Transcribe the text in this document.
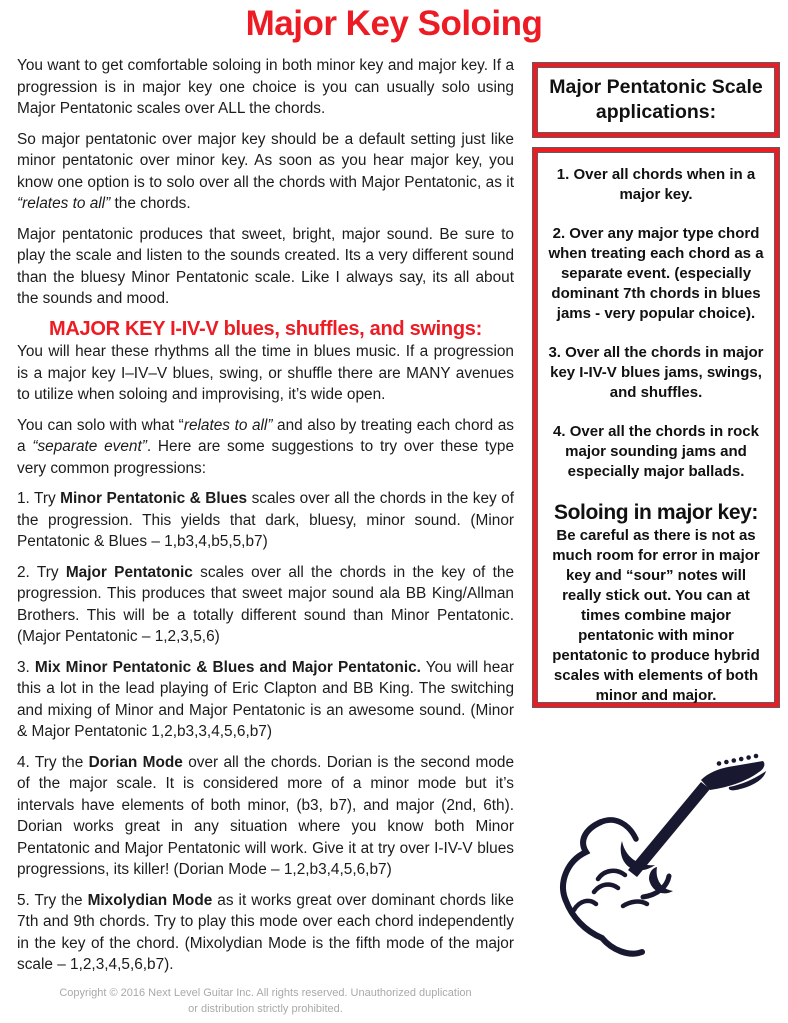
Major Key Soloing

You want to get comfortable soloing in both minor key and major key. If a progression is in major key one choice is you can usually solo using Major Pentatonic scales over ALL the chords.

So major pentatonic over major key should be a default setting just like minor pentatonic over minor key. As soon as you hear major key, you know one option is to solo over all the chords with Major Pentatonic, as it “relates to all” the chords.

Major pentatonic produces that sweet, bright, major sound. Be sure to play the scale and listen to the sounds created. Its a very different sound than the bluesy Minor Pentatonic scale. Like I always say, its all about the sounds and mood.

MAJOR KEY I-IV-V blues, shuffles, and swings:

You will hear these rhythms all the time in blues music. If a progression is a major key I–IV–V blues, swing, or shuffle there are MANY avenues to utilize when soloing and improvising, it’s wide open.

You can solo with what “relates to all” and also by treating each chord as a “separate event”. Here are some suggestions to try over these type very common progressions:

1. Try Minor Pentatonic & Blues scales over all the chords in the key of the progression. This yields that dark, bluesy, minor sound. (Minor Pentatonic & Blues – 1,b3,4,b5,5,b7)

2. Try Major Pentatonic scales over all the chords in the key of the progression. This produces that sweet major sound ala BB King/Allman Brothers. This will be a totally different sound than Minor Pentatonic. (Major Pentatonic – 1,2,3,5,6)

3. Mix Minor Pentatonic & Blues and Major Pentatonic. You will hear this a lot in the lead playing of Eric Clapton and BB King. The switching and mixing of Minor and Major Pentatonic is an awesome sound. (Minor & Major Pentatonic 1,2,b3,3,4,5,6,b7)

4. Try the Dorian Mode over all the chords. Dorian is the second mode of the major scale. It is considered more of a minor mode but it’s intervals have elements of both minor, (b3, b7), and major (2nd, 6th). Dorian works great in any situation where you know both Minor Pentatonic and Major Pentatonic will work. Give it at try over I-IV-V blues progressions, its killer! (Dorian Mode – 1,2,b3,4,5,6,b7)

5. Try the Mixolydian Mode as it works great over dominant chords like 7th and 9th chords. Try to play this mode over each chord independently in the key of the chord. (Mixolydian Mode is the fifth mode of the major scale – 1,2,3,4,5,6,b7).

Copyright © 2016 Next Level Guitar Inc. All rights reserved. Unauthorized duplication
or distribution strictly prohibited.
Major Pentatonic Scale applications:

1. Over all chords when in a major key.

2. Over any major type chord when treating each chord as a separate event. (especially dominant 7th chords in blues jams - very popular choice).

3. Over all the chords in major key I-IV-V blues jams, swings, and shuffles.

4. Over all the chords in rock major sounding jams and especially major ballads.

Soloing in major key:

Be careful as there is not as much room for error in major key and “sour” notes will really stick out. You can at times combine major pentatonic with minor pentatonic to produce hybrid scales with elements of both minor and major.
